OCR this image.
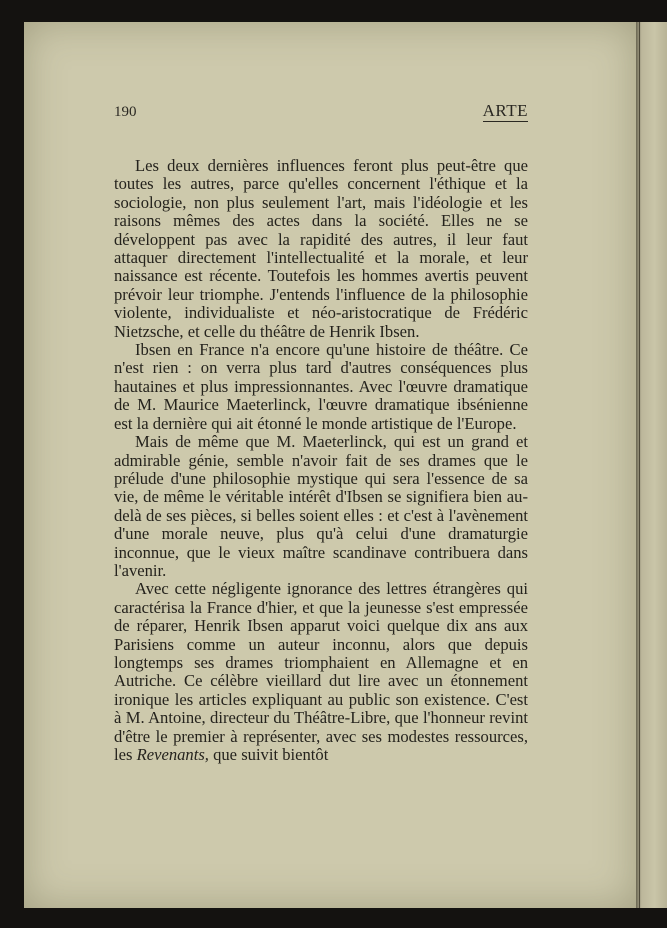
190	ARTE

Les deux dernières influences feront plus peut-être que toutes les autres, parce qu'elles concernent l'éthique et la sociologie, non plus seulement l'art, mais l'idéologie et les raisons mêmes des actes dans la société. Elles ne se développent pas avec la rapidité des autres, il leur faut attaquer directement l'intellectualité et la morale, et leur naissance est récente. Toutefois les hommes avertis peuvent prévoir leur triomphe. J'entends l'influence de la philosophie violente, individualiste et néo-aristocratique de Frédéric Nietzsche, et celle du théâtre de Henrik Ibsen.

Ibsen en France n'a encore qu'une histoire de théâtre. Ce n'est rien : on verra plus tard d'autres conséquences plus hautaines et plus impressionnantes. Avec l'œuvre dramatique de M. Maurice Maeterlinck, l'œuvre dramatique ibsénienne est la dernière qui ait étonné le monde artistique de l'Europe.

Mais de même que M. Maeterlinck, qui est un grand et admirable génie, semble n'avoir fait de ses drames que le prélude d'une philosophie mystique qui sera l'essence de sa vie, de même le véritable intérêt d'Ibsen se signifiera bien au-delà de ses pièces, si belles soient elles : et c'est à l'avènement d'une morale neuve, plus qu'à celui d'une dramaturgie inconnue, que le vieux maître scandinave contribuera dans l'avenir.

Avec cette négligente ignorance des lettres étrangères qui caractérisa la France d'hier, et que la jeunesse s'est empressée de réparer, Henrik Ibsen apparut voici quelque dix ans aux Parisiens comme un auteur inconnu, alors que depuis longtemps ses drames triomphaient en Allemagne et en Autriche. Ce célèbre vieillard dut lire avec un étonnement ironique les articles expliquant au public son existence. C'est à M. Antoine, directeur du Théâtre-Libre, que l'honneur revint d'être le premier à représenter, avec ses modestes ressources, les Revenants, que suivit bientôt
